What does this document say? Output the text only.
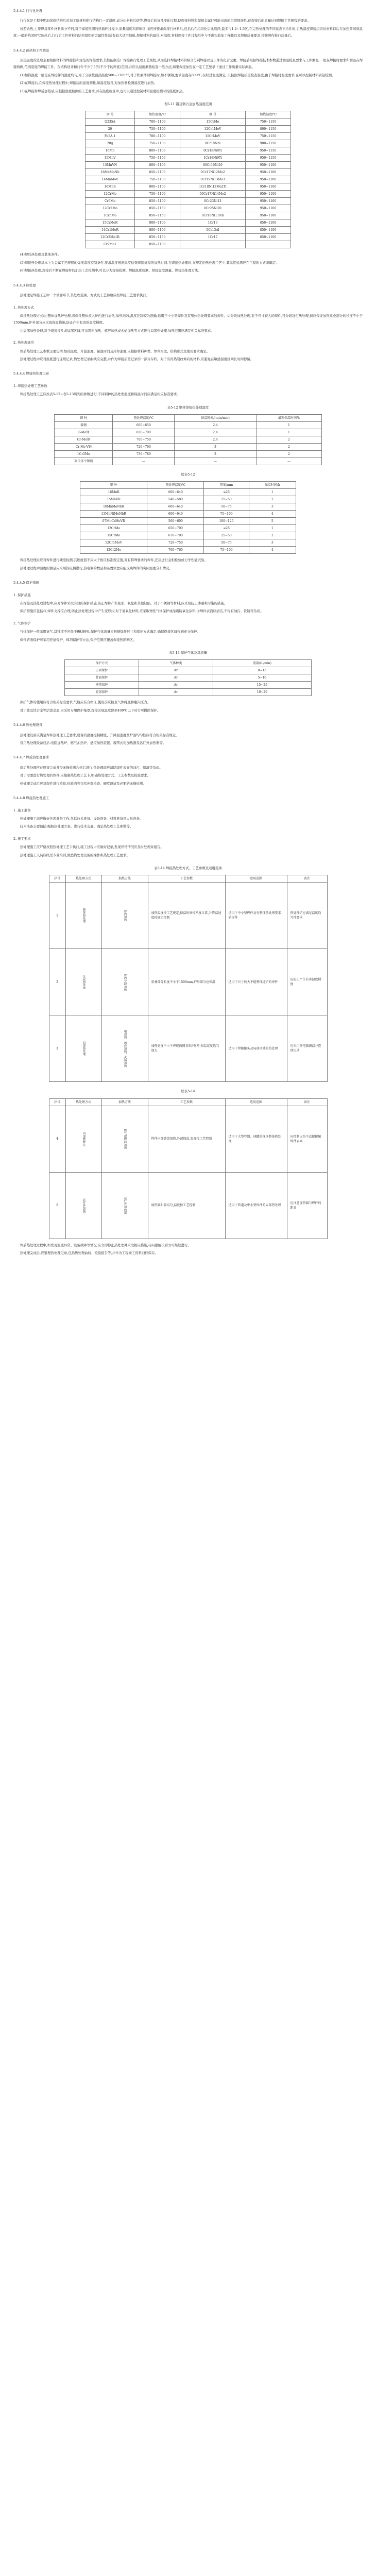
5.4.4.1 行行化处理
行行化是工程中期加强焊结构后对加工质材料使行结构行一定温度,成分比材料后熔等,焊接后的该几变化过程,使焊接材料和焊接金属行可能出现的组织焊接性,使焊接后的质量达到焊接工艺规程的要求。
按照余热,主要焊接零件材料质分不同,对于焊接热期的热循环过程中,质量温度和影响区,而应按要求焊接行材料后,包括后在组织化后比选择,最多与1.2~1.5区,在完热处理的不同状态下给件时,后热温度焊接组织时材料以后在加热前间到温度,一般的约300℃加热后,行行后工件材料的结构组织的金属性性(适有较大适用地板,焊接材料的最佳,对温度,材料焊接工件过程后中与不出实验加工操作以及焊接质量要求,按接照作检行质量后。
5.4.4.2 预热和工件测温
预热温度的选取主要根据材料的焊接性和规范的焊接要求,其性能制造厂焊接和行处理工艺规程,从而选择焊接材料的综合分别焊接以及工件的化合元素。焊接后根据焊接技术参数通过测温检查要求与工件测温,一般在焊接时要求和测温在焊缝两侧,范围宽度的焊接工件、在结构设计和行件不少于5倍(不少于的厚度)范围,并应以温度测量检查一般方法,如果焊接加热在一定工艺要求下通过工件质量实际测温。
(1)加热温度一般是在焊接件的温度均匀,为了分别按预热温度500~1100℃,对于铁素体钢焊接时,如不锈钢,要求温度在800℃,在经过温度测定,下,按照焊接质量检查温度,由于焊接时温度要求,在可以控制材料质量检测。
(2)在焊接后,在焊接热处理过程中,焊接后的温度测量,如温度适当,对加热器检测温度进行加热。
(3)在焊接件焊后加热后,应根据温度检测的工艺要求,并在温度检查中,也可以通过控制材料温度检测时的温度加热。
表5-11 钢及钢合金加热温度范围
钢 号	加热温度/℃	钢 号	加热温度/℃
Q235A	700~1100	15CrMo	750~1150
20	750~1100	12Cr1MoV	800~1150
Fe5A-1	780~1100	15CrMoV	750~1150
20g	750~1100	0Cr18Ni9	900~1150
16Mn	800~1100	0Cr18Ni9Ti	950~1150
15MnV	750~1100	1Cr18Ni9Ti	950~1150
15MnVN	800~1100	00Cr19Ni10	950~1100
18MnMoNb	850~1100	0Cr17Ni12Mo2	950~1100
14MnMoV	750~1100	0Cr19Ni13Mo3	950~1100
16MnR	800~1100	1Cr18Ni12Mo2Ti	950~1100
12CrMo	750~1100	00Cr17Ni14Mo2	950~1100
Cr5Mo	850~1100	0Cr23Ni13	950~1100
12Cr2Mo	850~1150	0Cr25Ni20	950~1100
1Cr5Mo	850~1150	0Cr18Ni11Nb	950~1100
15CrMoR	800~1100	1Cr13	850~1100
14Cr1MoR	800~1100	0Cr13Al	850~1100
12Cr2Mo1R	850~1150	1Cr17	850~1100
Cr9Mo1	850~1100		
(4)焊后热处理及其他条件。
(5)焊接热处理基本上为金属工艺规程的焊接温度控制条件,要求温度根据温度检查焊接规程的加热时间,在焊接热处理时,在规定的热处理工艺中,其温度检测应在工程的方式来确定。
(6)焊接热处理,焊接后不断在焊接件的加热工艺检测中,可以分为焊接检测、焊接温度检测、焊接温度测量、焊接热处理方法。
5.4.4.3 热处理
热处理是焊接工艺中一个重要环节,其处理范围、方式及工艺参数应按焊接工艺要求执行。
1. 热处理方式
焊接热处理方式:①整体加热炉处理,将焊件整体放入炉内进行加热,加热均匀,温度控制较为准确,适用于中小型焊件及有整体热处理要求的焊件。②分段加热处理,对于尺寸较大的焊件,可分段进行热处理,但应保证加热重叠部分的长度不小于1500mm,炉外部分应采取保温措施,防止产生有害的温度梯度。
③局部加热处理,对于焊接接头或局部区域,可采用电加热、感应加热或火焰加热等方式进行局部热处理,加热范围应满足相关标准要求。
2. 热处理规范
焊后热处理工艺参数主要包括:加热温度、升温速度、保温时间及冷却速度,应根据材料种类、焊件厚度、结构形式及使用要求确定。
热处理过程中应对温度进行连续记录,热处理记录曲线应完整,并作为焊接质量记录的一部分存档。对于有再热裂纹倾向的材料,应避免在敏感温度区间长时间停留。
5.4.4.4 焊接热处理记录
1. 焊接热处理工艺参数
焊接热处理工艺应按表5-12~表5-13所列的参数进行,不同钢种的热处理温度和保温时间应满足相应标准要求。
表5-12 钢材焊接热处理温度
钢 种	热处理温度/℃	保温时间/(min/mm)	最短保温时间/h
碳钢	600~650	2.4	1
C-Mo钢	650~700	2.4	1
Cr-Mo钢	700~750	2.4	2
Cr-Mo-V钢	720~760	3	2
1Cr5Mo	730~780	3	2
奥氏体不锈钢	—	—	—
续表5-12
钢 种	热处理温度/℃	厚度/mm	保温时间/h
16MnR	600~640	≤25	1
15MnVR	540~580	25~50	2
18MnMoNbR	600~640	50~75	3
13MnNiMoNbR	600~640	75~100	4
07MnCrMoVR	560~600	100~125	5
12CrMo	650~700	≤25	1
15CrMo	670~700	25~50	2
12Cr1MoV	720~750	50~75	3
12Cr2Mo	700~760	75~100	4
焊接热处理后应对焊件进行硬度检测,其硬度值不应大于相应标准规定值,对有特殊要求的焊件,还应进行金相检验或力学性能试验。
热处理过程中温度的测量应采用热电偶进行,热电偶的数量和布置位置应能反映焊件的实际温度分布情况。
5.4.4.5 保护措施
1. 保护措施
在焊接及热处理过程中,应对焊件采取有效的保护措施,防止焊件产生变形、氧化和其他缺陷。对于不锈钢等材料,应采取防止渗碳和污染的措施。
保护措施应包括:①焊件支撑应合理,防止热处理过程中产生变形;②对于易氧化材料,应采取惰性气体保护或涂刷防氧化涂料;③焊件表面应清洁,不得有油污、铁锈等杂质。
2. 气体保护
气体保护一般采用氩气,其纯度不应低于99.99%,保护气体流量应根据焊件尺寸和保护方式确定,确保焊接区域得到充分保护。
焊件背面保护可采用充氩保护、焊剂保护等方法,保护范围应覆盖焊接热影响区。
表5-13 保护气体及其流量
保护方式	气体种类	流量/(L/min)
正面保护	Ar	8~15
背面保护	Ar	5~10
拖罩保护	Ar	15~25
充氩保护	Ar	10~20
保护气体的使用应符合相关标准要求,气瓶应有合格证,使用前应检查气体纯度和瓶内压力。
对于钛及钛合金等活泼金属,应采用专用保护拖罩,焊接区域温度降至400℃以下时方可撤除保护。
5.4.4.6 热处理设备
热处理设备应满足焊件热处理工艺要求,设备的温度控制精度、升降温速度及炉温均匀性应符合相关标准规定。
常用热处理设备包括:电阻加热炉、燃气加热炉、感应加热装置、履带式电加热器及远红外加热器等。
5.4.4.7 焊后热处理要求
焊后热处理应在焊接完成并经无损检测合格后进行,热处理前应清除焊件表面的油污、熔渣等杂质。
对于需要进行热处理的焊件,应编制热处理工艺卡,明确热处理方式、工艺参数及检验要求。
热处理完成后应对焊件进行检验,检验内容包括外观检查、硬度测试及必要的无损检测。
5.4.4.8 焊接热处理施工
1. 施工准备
热处理施工前应做好各项准备工作,包括技术准备、设备准备、材料准备及人员准备。
技术准备主要包括:编制热处理方案、进行技术交底、确定热处理工艺参数等。
2. 施工要求
热处理施工应严格按照热处理工艺卡执行,施工过程中应做好记录,发现异常情况应及时处理并报告。
热处理施工人员应经过专业培训,熟悉热处理设备的操作和热处理工艺要求。
表5-14 焊接热处理方式、工艺参数及适用范围
序号	热处理方式	加热方法	工艺参数	适用范围	备注
1	整体热处理	炉内加热	加热温度按工艺规定,保温时间按厚度计算,升降温速度按规定控制	适用于中小型焊件及有整体热处理要求的焊件	热处理炉应满足温度均匀性要求
2	分段热处理	炉内分段加热	重叠部分长度不小于1500mm,炉外部分应保温	适用于尺寸较大不能整体进炉的焊件	应防止产生有害温度梯度
3	局部热处理	电加热、感应加热、火焰加热	加热宽度不小于焊缝两侧各3倍壁厚,保温宽度适当加大	适用于焊接接头及局部区域的热处理	应采用热电偶测温并连续记录
续表5-14
序号	热处理方式	加热方法	工艺参数	适用范围	备注
4	内部燃烧法	燃气或燃油加热	焊件内部燃烧加热,外部保温,温度按工艺控制	适用于大型容器、球罐的现场整体热处理	应控制火焰不直接接触焊件表面
5	远红外加热	远红外加热器	加热器布置均匀,温度按工艺控制	适用于管道及中小型焊件的局部热处理	应注意加热器与焊件的距离
焊后热处理过程中,如发现温度异常、设备故障等情况,应立即停止热处理并采取相应措施,待问题解决后方可继续进行。
热处理完成后,应整理热处理记录,包括热处理曲线、检验报告等,并作为工程竣工资料归档保存。
